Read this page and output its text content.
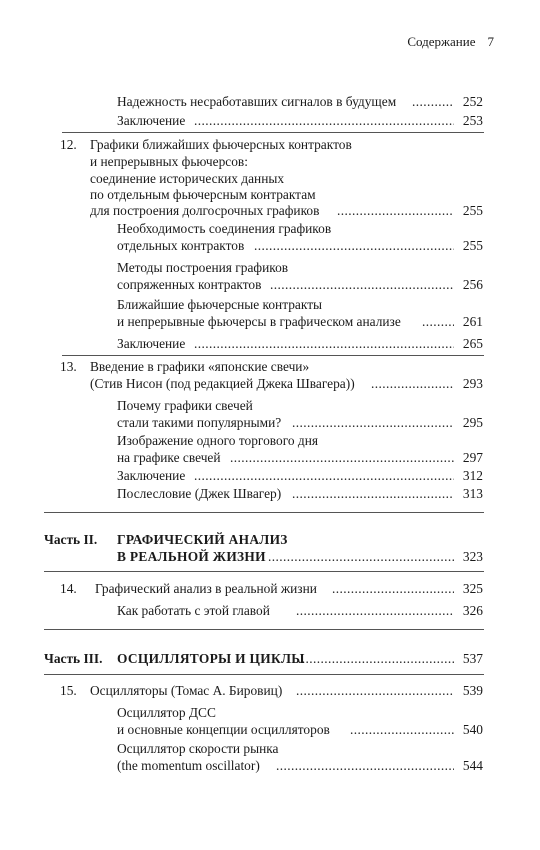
Содержание 7
Надежность несработавших сигналов в будущем .....	252
Заключение .....	253
12. Графики ближайших фьючерсных контрактов
и непрерывных фьючерсов:
соединение исторических данных
по отдельным фьючерсным контрактам
для построения долгосрочных графиков .....	255
Необходимость соединения графиков
отдельных контрактов .....	255
Методы построения графиков
сопряженных контрактов .....	256
Ближайшие фьючерсные контракты
и непрерывные фьючерсы в графическом анализе .....	261
Заключение .....	265
13. Введение в графики «японские свечи»
(Стив Нисон (под редакцией Джека Швагера)) .....	293
Почему графики свечей
стали такими популярными? .....	295
Изображение одного торгового дня
на графике свечей .....	297
Заключение .....	312
Послесловие (Джек Швагер) .....	313
Часть II. ГРАФИЧЕСКИЙ АНАЛИЗ
В РЕАЛЬНОЙ ЖИЗНИ .....	323
14. Графический анализ в реальной жизни .....	325
Как работать с этой главой .....	326
Часть III. ОСЦИЛЛЯТОРЫ И ЦИКЛЫ .....	537
15. Осцилляторы (Томас А. Бировиц) .....	539
Осциллятор ДСС
и основные концепции осцилляторов .....	540
Осциллятор скорости рынка
(the momentum oscillator) .....	544
